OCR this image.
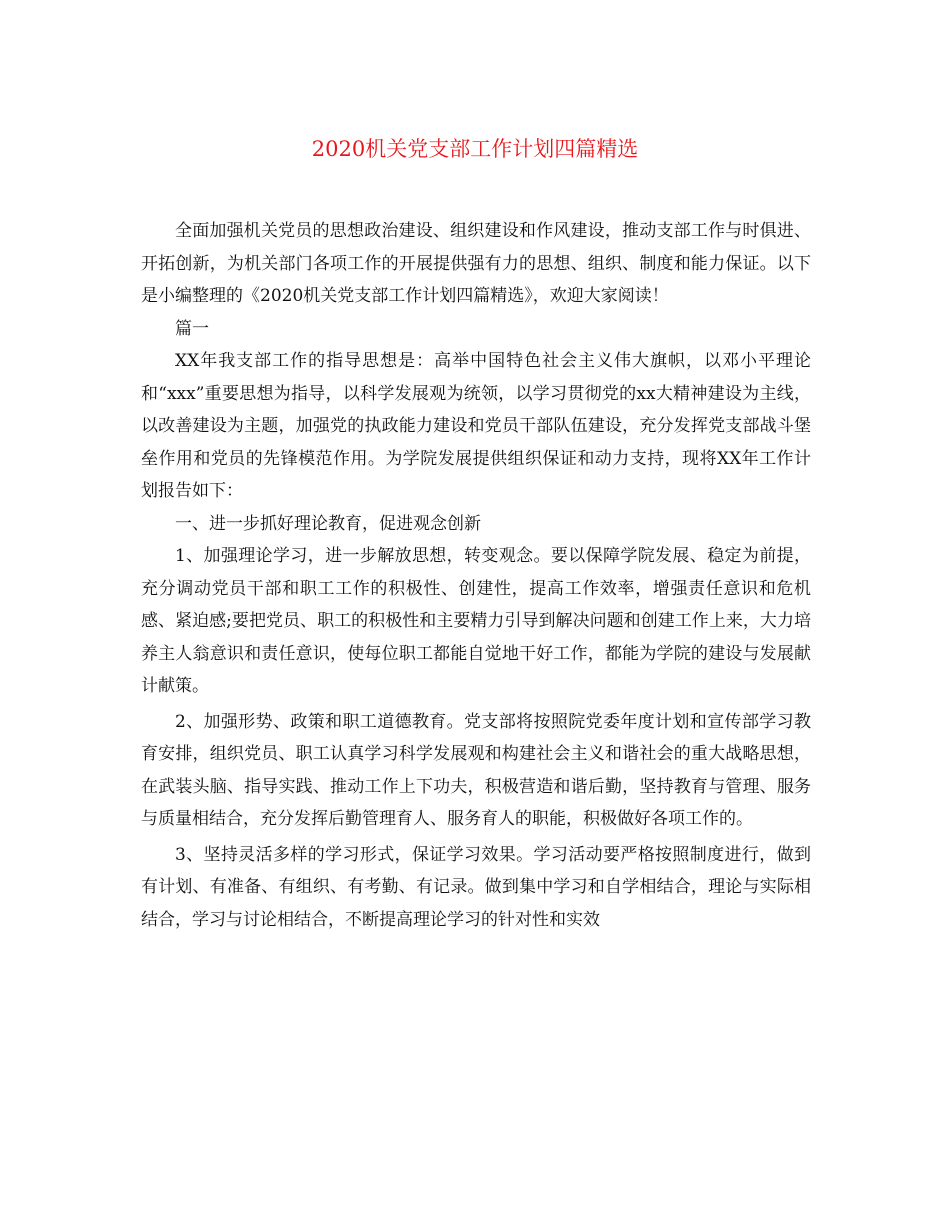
2020机关党支部工作计划四篇精选

全面加强机关党员的思想政治建设、组织建设和作风建设，推动支部工作与时俱进、开拓创新，为机关部门各项工作的开展提供强有力的思想、组织、制度和能力保证。以下是小编整理的《2020机关党支部工作计划四篇精选》，欢迎大家阅读！

篇一

XX年我支部工作的指导思想是：高举中国特色社会主义伟大旗帜，以邓小平理论和“xxx”重要思想为指导，以科学发展观为统领，以学习贯彻党的xx大精神建设为主线，以改善建设为主题，加强党的执政能力建设和党员干部队伍建设，充分发挥党支部战斗堡垒作用和党员的先锋模范作用。为学院发展提供组织保证和动力支持，现将XX年工作计划报告如下：

一、进一步抓好理论教育，促进观念创新

1、加强理论学习，进一步解放思想，转变观念。要以保障学院发展、稳定为前提，充分调动党员干部和职工工作的积极性、创建性，提高工作效率，增强责任意识和危机感、紧迫感;要把党员、职工的积极性和主要精力引导到解决问题和创建工作上来，大力培养主人翁意识和责任意识，使每位职工都能自觉地干好工作，都能为学院的建设与发展献计献策。

2、加强形势、政策和职工道德教育。党支部将按照院党委年度计划和宣传部学习教育安排，组织党员、职工认真学习科学发展观和构建社会主义和谐社会的重大战略思想，在武装头脑、指导实践、推动工作上下功夫，积极营造和谐后勤，坚持教育与管理、服务与质量相结合，充分发挥后勤管理育人、服务育人的职能，积极做好各项工作的。

3、坚持灵活多样的学习形式，保证学习效果。学习活动要严格按照制度进行，做到有计划、有准备、有组织、有考勤、有记录。做到集中学习和自学相结合，理论与实际相结合，学习与讨论相结合，不断提高理论学习的针对性和实效
